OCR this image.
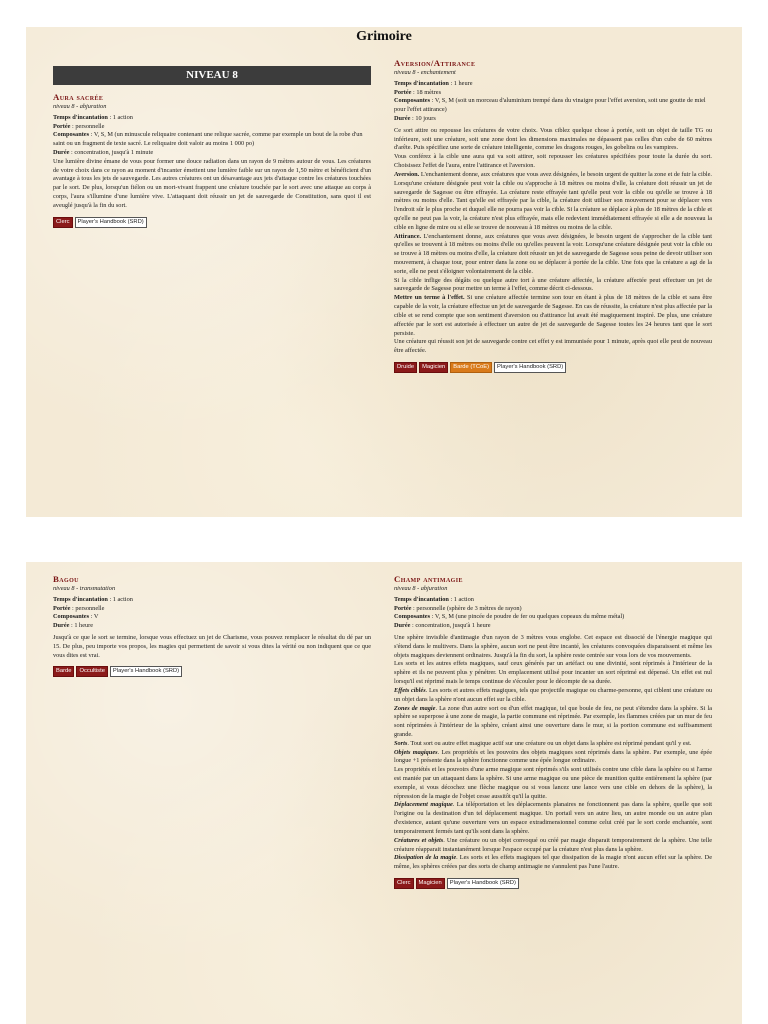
Grimoire
NIVEAU 8
Aura sacrée
niveau 8 - abjuration
Temps d'incantation : 1 action
Portée : personnelle
Composantes : V, S, M (un minuscule reliquaire contenant une relique sacrée, comme par exemple un bout de la robe d'un saint ou un fragment de texte sacré. Le reliquaire doit valoir au moins 1 000 po)
Durée : concentration, jusqu'à 1 minute

Une lumière divine émane de vous pour former une douce radiation dans un rayon de 9 mètres autour de vous. Les créatures de votre choix dans ce rayon au moment d'incanter émettent une lumière faible sur un rayon de 1,50 mètre et bénéficient d'un avantage à tous les jets de sauvegarde. Les autres créatures ont un désavantage aux jets d'attaque contre les créatures touchées par le sort. De plus, lorsqu'un fiélon ou un mort-vivant frappent une créature touchée par le sort avec une attaque au corps à corps, l'aura s'illumine d'une lumière vive. L'attaquant doit réussir un jet de sauvegarde de Constitution, sans quoi il est aveuglé jusqu'à la fin du sort.

Clerc	Player's Handbook (SRD)
Aversion/Attirance
niveau 8 - enchantement
Temps d'incantation : 1 heure
Portée : 18 mètres
Composantes : V, S, M (soit un morceau d'aluminium trempé dans du vinaigre pour l'effet aversion, soit une goutte de miel pour l'effet attirance)
Durée : 10 jours

Ce sort attire ou repousse les créatures de votre choix. Vous ciblez quelque chose à portée, soit un objet de taille TG ou inférieure, soit une créature, soit une zone dont les dimensions maximales ne dépassent pas celles d'un cube de 60 mètres d'arête. Puis spécifiez une sorte de créature intelligente, comme les dragons rouges, les gobelins ou les vampires.

Vous conférez à la cible une aura qui va soit attirer, soit repousser les créatures spécifiées pour toute la durée du sort. Choisissez l'effet de l'aura, entre l'attirance et l'aversion.

Aversion. L'enchantement donne, aux créatures que vous avez désignées, le besoin urgent de quitter la zone et de fuir la cible. Lorsqu'une créature désignée peut voir la cible ou s'approche à 18 mètres ou moins d'elle, la créature doit réussir un jet de sauvegarde de Sagesse ou être effrayée. La créature reste effrayée tant qu'elle peut voir la cible ou qu'elle se trouve à 18 mètres ou moins d'elle. Tant qu'elle est effrayée par la cible, la créature doit utiliser son mouvement pour se déplacer vers l'endroit sûr le plus proche et duquel elle ne pourra pas voir la cible. Si la créature se déplace à plus de 18 mètres de la cible et qu'elle ne peut pas la voir, la créature n'est plus effrayée, mais elle redevient immédiatement effrayée si elle a de nouveau la cible en ligne de mire ou si elle se trouve de nouveau à 18 mètres ou moins de la cible.

Attirance. L'enchantement donne, aux créatures que vous avez désignées, le besoin urgent de s'approcher de la cible tant qu'elles se trouvent à 18 mètres ou moins d'elle ou qu'elles peuvent la voir. Lorsqu'une créature désignée peut voir la cible ou se trouve à 18 mètres ou moins d'elle, la créature doit réussir un jet de sauvegarde de Sagesse sous peine de devoir utiliser son mouvement, à chaque tour, pour entrer dans la zone ou se déplacer à portée de la cible. Une fois que la créature a agi de la sorte, elle ne peut s'éloigner volontairement de la cible.

Si la cible inflige des dégâts ou quelque autre tort à une créature affectée, la créature affectée peut effectuer un jet de sauvegarde de Sagesse pour mettre un terme à l'effet, comme décrit ci-dessous.

Mettre un terme à l'effet. Si une créature affectée termine son tour en étant à plus de 18 mètres de la cible et sans être capable de la voir, la créature effectue un jet de sauvegarde de Sagesse. En cas de réussite, la créature n'est plus affectée par la cible et se rend compte que son sentiment d'aversion ou d'attirance lui avait été magiquement inspiré. De plus, une créature affectée par le sort est autorisée à effectuer un autre de jet de sauvegarde de Sagesse toutes les 24 heures tant que le sort persiste.

Une créature qui réussit son jet de sauvegarde contre cet effet y est immunisée pour 1 minute, après quoi elle peut de nouveau être affectée.

Druide	Magicien	Barde (TCoE)	Player's Handbook (SRD)
Bagou
niveau 8 - transmutation
Temps d'incantation : 1 action
Portée : personnelle
Composantes : V
Durée : 1 heure

Jusqu'à ce que le sort se termine, lorsque vous effectuez un jet de Charisme, vous pouvez remplacer le résultat du dé par un 15. De plus, peu importe vos propos, les magies qui permettent de savoir si vous dites la vérité ou non indiquent que ce que vous dites est vrai.

Barde	Occultiste	Player's Handbook (SRD)
Champ antimagie
niveau 8 - abjuration
Temps d'incantation : 1 action
Portée : personnelle (sphère de 3 mètres de rayon)
Composantes : V, S, M (une pincée de poudre de fer ou quelques copeaux du même métal)
Durée : concentration, jusqu'à 1 heure

Une sphère invisible d'antimagie d'un rayon de 3 mètres vous englobe. Cet espace est dissocié de l'énergie magique qui s'étend dans le multivers. Dans la sphère, aucun sort ne peut être incanté, les créatures convoquées disparaissent et même les objets magiques deviennent ordinaires. Jusqu'à la fin du sort, la sphère reste centrée sur vous lors de vos mouvements.

Les sorts et les autres effets magiques, sauf ceux générés par un artéfact ou une divinité, sont réprimés à l'intérieur de la sphère et ils ne peuvent plus y pénétrer. Un emplacement utilisé pour incanter un sort réprimé est dépensé. Un effet est nul lorsqu'il est réprimé mais le temps continue de s'écouler pour le décompte de sa durée.

Effets ciblés. Les sorts et autres effets magiques, tels que projectile magique ou charme-personne, qui ciblent une créature ou un objet dans la sphère n'ont aucun effet sur la cible.

Zones de magie. La zone d'un autre sort ou d'un effet magique, tel que boule de feu, ne peut s'étendre dans la sphère. Si la sphère se superpose à une zone de magie, la partie commune est réprimée. Par exemple, les flammes créées par un mur de feu sont réprimées à l'intérieur de la sphère, créant ainsi une ouverture dans le mur, si la portion commune est suffisamment grande.

Sorts. Tout sort ou autre effet magique actif sur une créature ou un objet dans la sphère est réprimé pendant qu'il y est.

Objets magiques. Les propriétés et les pouvoirs des objets magiques sont réprimés dans la sphère. Par exemple, une épée longue +1 présente dans la sphère fonctionne comme une épée longue ordinaire.

Les propriétés et les pouvoirs d'une arme magique sont réprimés s'ils sont utilisés contre une cible dans la sphère ou si l'arme est maniée par un attaquant dans la sphère. Si une arme magique ou une pièce de munition quitte entièrement la sphère (par exemple, si vous décochez une flèche magique ou si vous lancez une lance vers une cible en dehors de la sphère), la répression de la magie de l'objet cesse aussitôt qu'il la quitte.

Déplacement magique. La téléportation et les déplacements planaires ne fonctionnent pas dans la sphère, quelle que soit l'origine ou la destination d'un tel déplacement magique. Un portail vers un autre lieu, un autre monde ou un autre plan d'existence, autant qu'une ouverture vers un espace extradimensionnel comme celui créé par le sort corde enchantée, sont temporairement fermés tant qu'ils sont dans la sphère.

Créatures et objets. Une créature ou un objet convoqué ou créé par magie disparait temporairement de la sphère. Une telle créature réapparait instantanément lorsque l'espace occupé par la créature n'est plus dans la sphère.

Dissipation de la magie. Les sorts et les effets magiques tel que dissipation de la magie n'ont aucun effet sur la sphère. De même, les sphères créées par des sorts de champ antimagie ne s'annulent pas l'une l'autre.

Clerc	Magicien	Player's Handbook (SRD)
